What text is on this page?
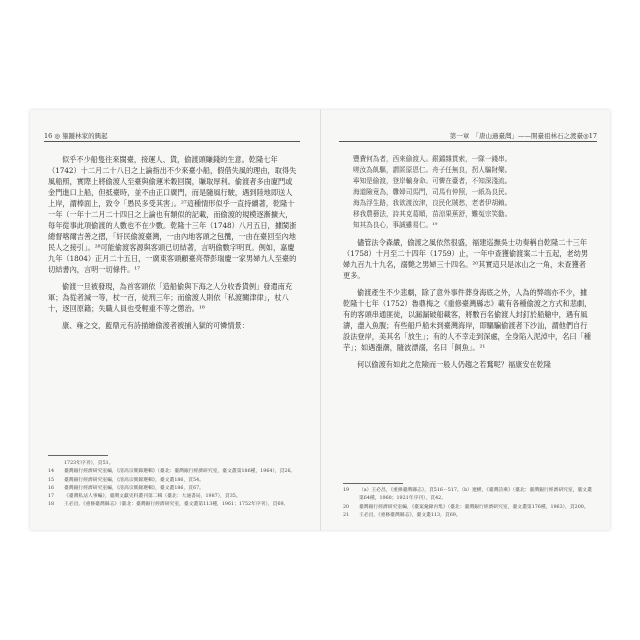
16 ◎ 篳蹝林家的興起

似乎不少船隻往來閩臺，接運人、貨，偷渡頭賺錢的生意。乾隆七年（1742）十二月二十八日之上論指出不少來臺小船，假借失風的理由，取得失風船照，實際上將偷渡人至臺與偷運米穀回閩，賺取厚利。偷渡者多由廈門或金門進口上船，但抵臺時，並不由正口廣門，而是隨風行駛，遇到陸地即送人上岸，謂棒面上，致令「愚民多受其害」。²⁷這種情形似乎一直持續著，乾隆十一年（一年十二月二十四日之上論也有類似的記載，而偷渡的規模逐漸擴大，每年從事此項偷渡的人數也不在少數。乾隆十三年（1748）八月五日，據閩浙總督喀爾吉善之摺，「奸民偷渡臺灣，一由內地客頭之包攬，一由在臺回至內地民人之接引」。²⁸可能偷渡客源與客頭已切結著，言明偷數字明頁。例如，嘉慶九年（1804）正月二十五日，一廣東客頭顧臺亮帶彭瑞慶一家男婦九人至臺的切結書內，言明一切條件。¹⁷

偷渡一旦被發現，為首客頭依「造船偷與下海之人分收香貨例」發遣南充軍；為從者減一等，杖一百，徒刑三年；而偷渡人則依「私渡關津律」，杖八十，逐回原籍；失職人員也受輕重不等之懲治。¹⁸

康、雍之交，藍鼎元有詩描繪偷渡者被捕入獄的可憐情景：

1723年序刊），頁51。
14	臺灣銀行經濟研究室編，《清高宗實錄選輯》（臺北：臺灣銀行經濟研究室，臺文叢第186種，1964），頁26。
15	臺灣銀行經濟研究室編，《清高宗實錄選輯》，臺文叢186，頁54。
16	臺灣銀行經濟研究室編，《清高宗實錄選輯》，臺文叢186，頁67。
17	《臺灣私法人事編》，臺灣文獻史料叢刊第二輯（臺北：大通書局，1987），頁35。
18	王必昌，《重修臺灣縣志》（臺北：臺灣銀行經濟研究室，臺文叢第113種，1961；1752年序刊），頁69。
第一章　「唐山過臺灣」——開臺祖林石之渡臺◎17

豐費何為者，西來偷渡人。銀鐺雜貫索，一隊一錢串。
嗟汝為飢驅，謂匿原恩仁。舟子任無良，拐人騙財樂。
寧知是偷渡，登岸輸身命。可憐在臺者，不知深淺流。
海道險竟為，釁婦司馬門，司馬有仲照，一紙為良民。
海為浮生路，我欲渡汝津，良民化賊愁，老者伊胡賴。
移我農藝法，詩其克葛順，苗涼果蕉舒，難冤宗笑勸。
知其為良心，事誠雖易仁。¹⁹

儘管法令森嚴，偷渡之風依然很盛，福建巡撫吳士功奏稱自乾隆二十三年（1758）十月至二十四年（1759）止，一年中查獲偷渡案二十五起，老幼男婦九百九十九名，溺斃之男婦三十四名。²⁰其實這只是冰山之一角，未查獲者更多。

偷渡產生不少悲劇，除了意外事件葬身海底之外，人為的弊端亦不少，據乾隆十七年（1752）魯鼎梅之《重修臺灣縣志》載有各種偷渡之方式和悲劇，有的客頭串通匪徒，以漏漏破船載客，將數百名偷渡人封釘於船艙中，遇有風濤，盡入魚腹；有些船戶船未到臺灣海岸，即驅騙偷渡者下沙汕，謂他們自行設法登岸，美其名「放生」；有的人不幸走到深處，全身陷入泥淖中，名曰「種芋」；如遇漲潮，隨波漂溺，名曰「飼魚」。²¹

何以偷渡有如此之危險而一般人仍趨之若鶩呢？福康安在乾隆

19	（a）王必昌，《重修臺灣縣志》，頁516－517。（b）連横，《臺灣詩乘》（臺北：臺灣銀行經濟研究室，臺文叢第64種，1960；1921年序刊），頁42。
20	臺灣銀行經濟研究室編，《臺案彙錄丙集》（臺北：臺灣銀行經濟研究室，臺文叢第176種，1963），頁200。
21	王必昌，《重修臺灣縣志》，臺文叢113，頁69。
